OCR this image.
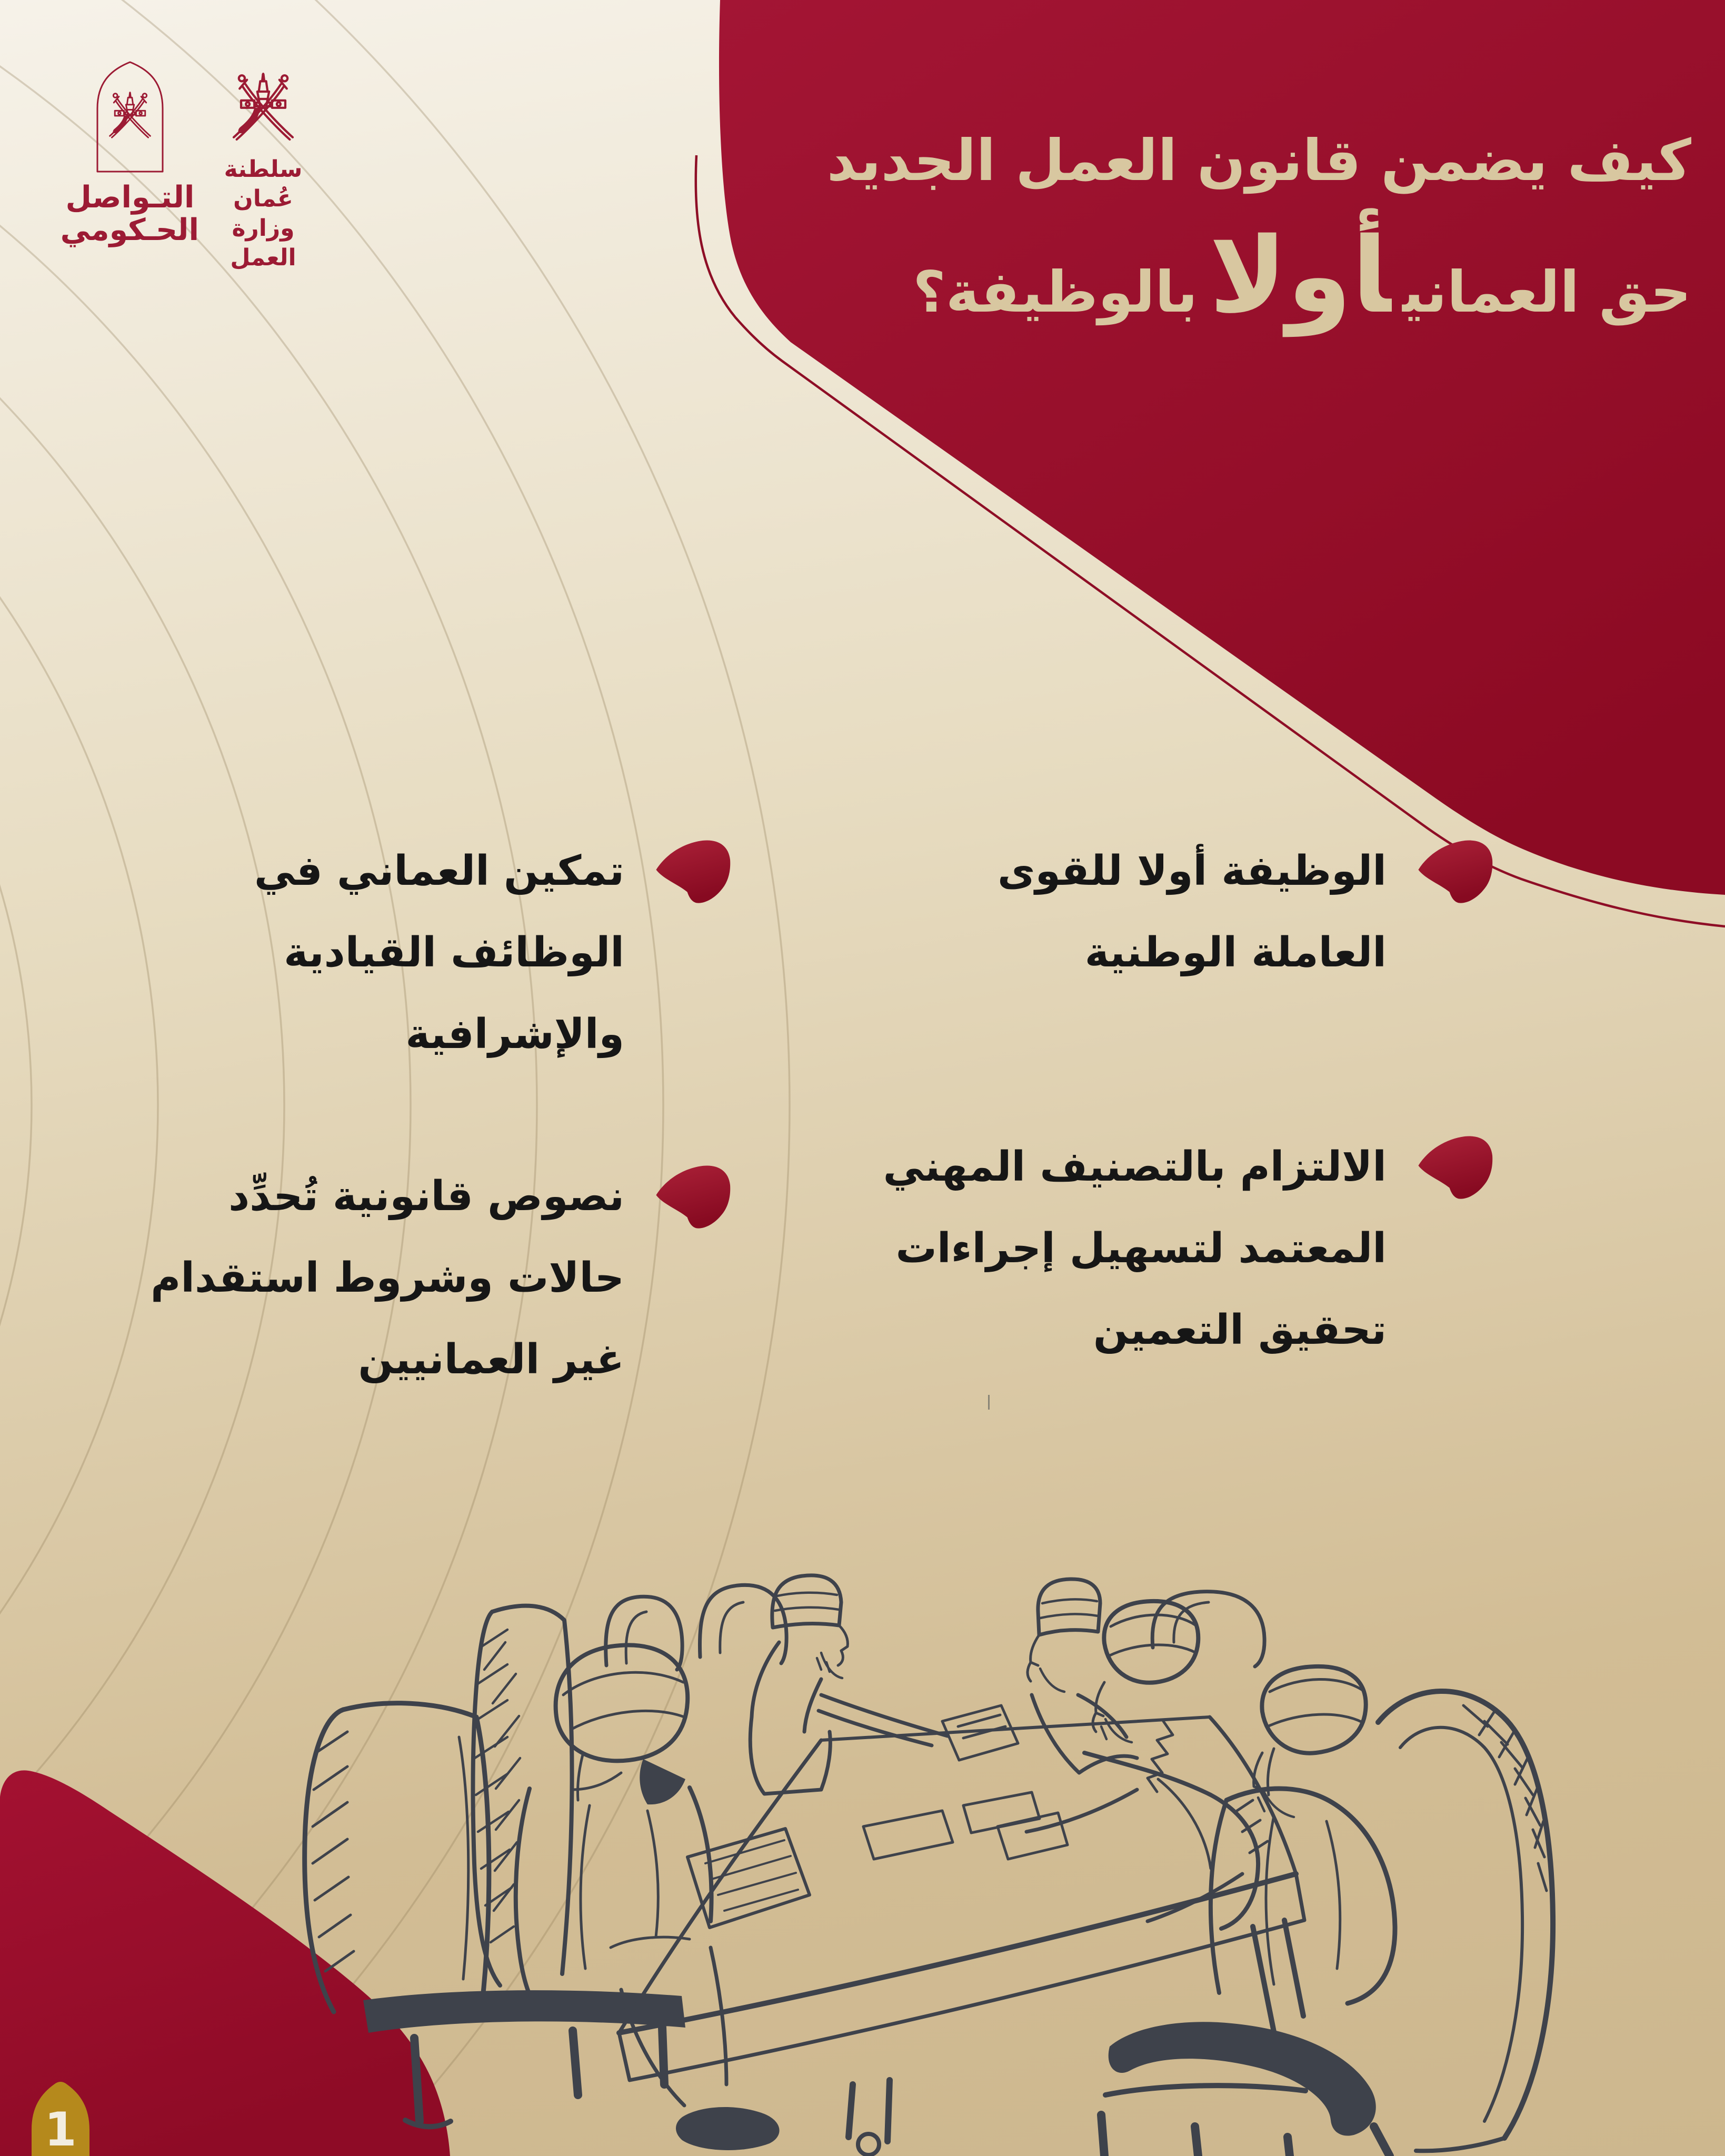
كيف يضمن قانون العمل الجديد
حق العمانيأولابالوظيفة؟
التـواصل
الحـكومي
سلطنة عُمان
وزارة العمل
الوظيفة أولا للقوى
العاملة الوطنية
تمكين العماني في
الوظائف القيادية
والإشرافية
الالتزام بالتصنيف المهني
المعتمد لتسهيل إجراءات
تحقيق التعمين
نصوص قانونية تُحدِّد
حالات وشروط استقدام
غير العمانيين
1
